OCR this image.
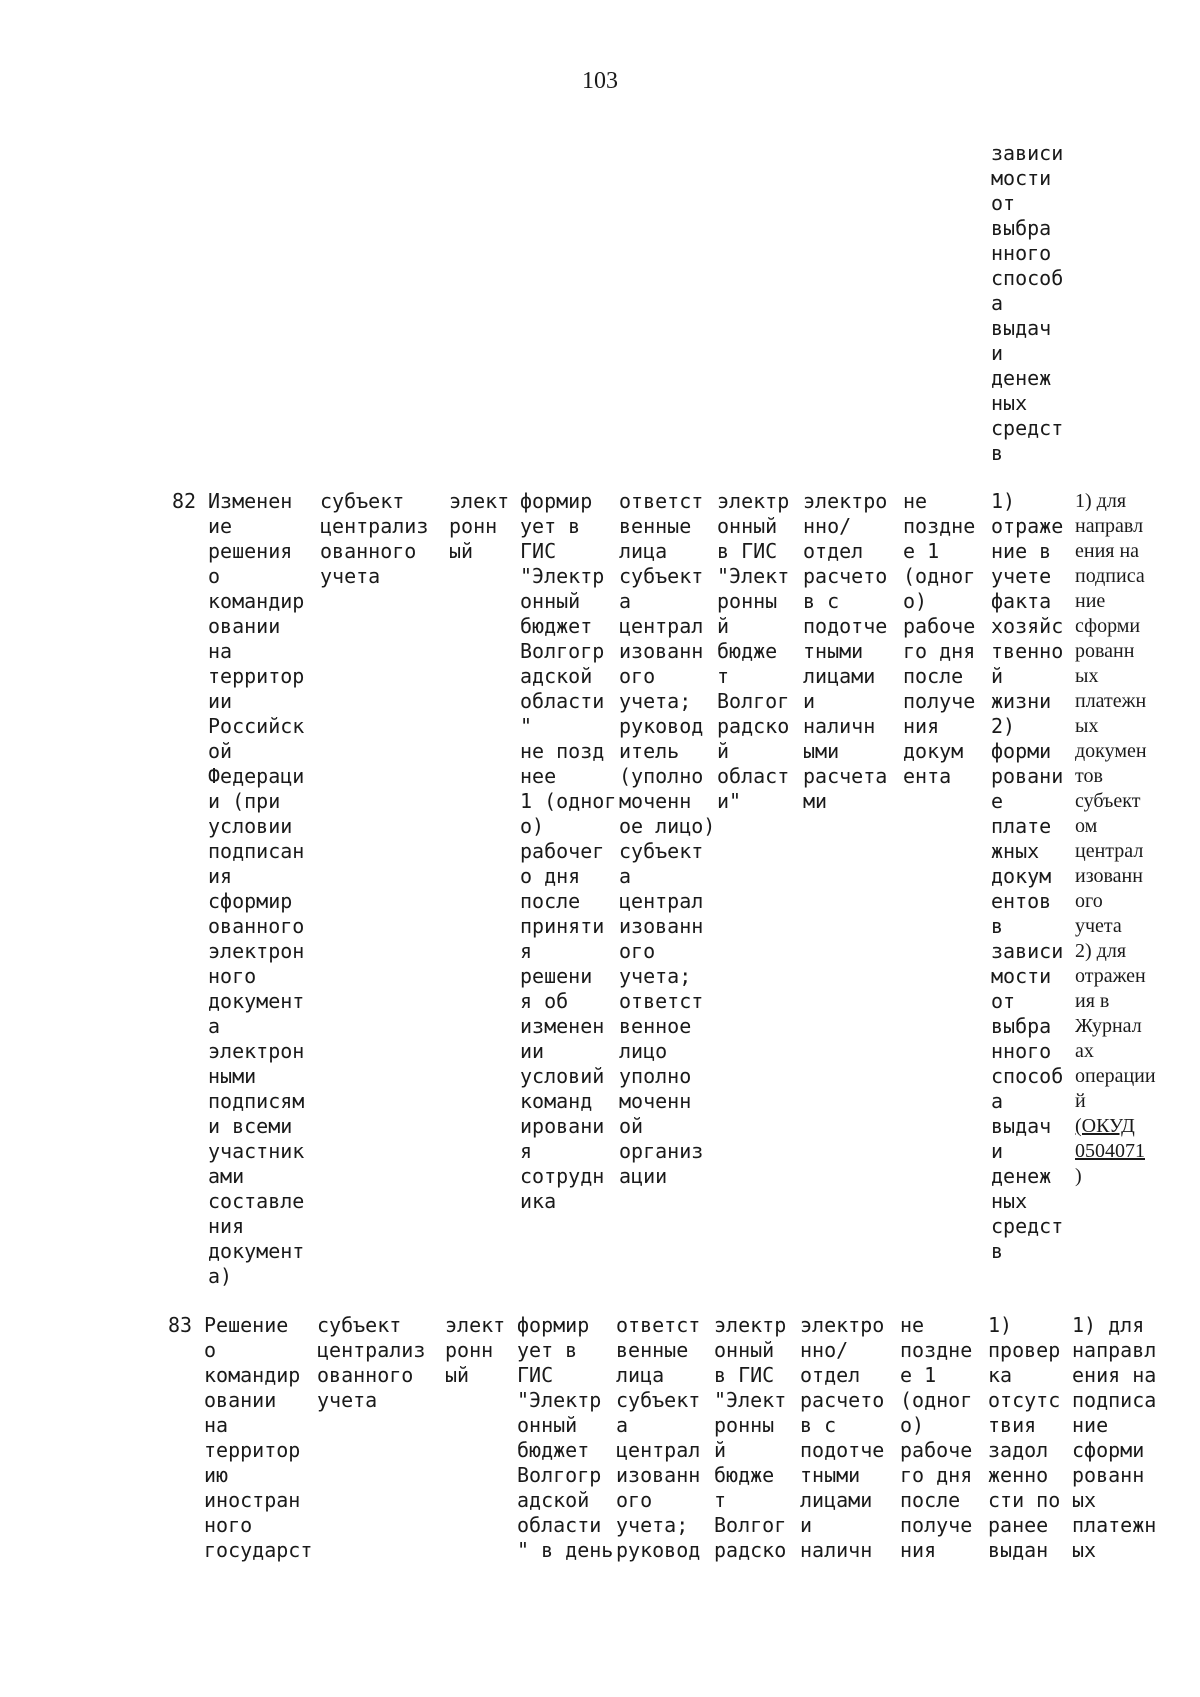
103
зависи
мости
от
выбра
нного
способ
а
выдач
и
денеж
ных
средст
в
82 Изменен
ие
решения
о
командир
овании
на
территор
ии
Российск
ой
Федераци
и (при
условии
подписан
ия
сформир
ованного
электрон
ного
документ
а
электрон
ными
подписям
и всеми
участник
ами
составле
ния
документ
а)
субъект
централиз
ованного
учета
элект
ронн
ый
формир
ует в
ГИС
"Электр
онный
бюджет
Волгогр
адской
области
"
не позд
нее
1 (одног
о)
рабочег
о дня
после
приняти
я
решени
я об
изменен
ии
условий
команд
ировани
я
сотрудн
ика
ответст
венные
лица
субъект
а
централ
изованн
ого
учета;
руковод
итель
(уполно
моченн
ое лицо)
субъект
а
централ
изованн
ого
учета;
ответст
венное
лицо
уполно
моченн
ой
организ
ации
электр
онный
в ГИС
"Элект
ронны
й
бюдже
т
Волгог
радско
й
област
и"
электро
нно/
отдел
расчето
в с
подотче
тными
лицами
и
наличн
ыми
расчета
ми
не
поздне
е 1
(одног
о)
рабоче
го дня
после
получе
ния
докум
ента
1)
отраже
ние в
учете
факта
хозяйс
твенно
й
жизни
2)
форми
ровани
е
плате
жных
докум
ентов
в
зависи
мости
от
выбра
нного
способ
а
выдач
и
денеж
ных
средст
в
1) для
направл
ения на
подписа
ние
сформи
рованн
ых
платежн
ых
докумен
тов
субъект
ом
централ
изованн
ого
учета
2) для
отражен
ия в
Журнал
ах
операции
й
(ОКУД
0504071
)
83 Решение
о
командир
овании
на
территор
ию
иностран
ного
государст
субъект
централиз
ованного
учета
элект
ронн
ый
формир
ует в
ГИС
"Электр
онный
бюджет
Волгогр
адской
области
" в день
ответст
венные
лица
субъект
а
централ
изованн
ого
учета;
руковод
электр
онный
в ГИС
"Элект
ронны
й
бюдже
т
Волгог
радско
электро
нно/
отдел
расчето
в с
подотче
тными
лицами
и
наличн
не
поздне
е 1
(одног
о)
рабоче
го дня
после
получе
ния
1)
провер
ка
отсутс
твия
задол
женно
сти по
ранее
выдан
1) для
направл
ения на
подписа
ние
сформи
рованн
ых
платежн
ых
